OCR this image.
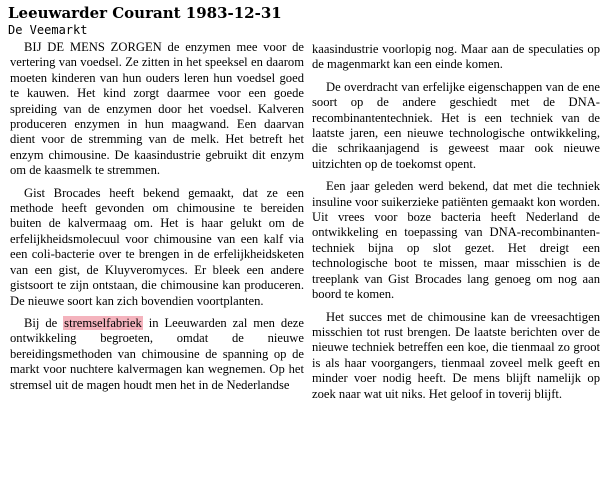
Leeuwarder Courant 1983-12-31
De Veemarkt

BIJ DE MENS ZORGEN de enzymen mee voor de vertering van voedsel. Ze zitten in het speeksel en daarom moeten kinderen van hun ouders leren hun voedsel goed te kauwen. Het kind zorgt daarmee voor een goede spreiding van de enzymen door het voedsel. Kalveren produceren enzymen in hun maagwand. Een daarvan dient voor de stremming van de melk. Het betreft het enzym chimousine. De kaasindustrie gebruikt dit enzym om de kaasmelk te stremmen.

Gist Brocades heeft bekend gemaakt, dat ze een methode heeft gevonden om chimousine te bereiden buiten de kalvermaag om. Het is haar gelukt om de erfelijkheidsmolecuul voor chimousine van een kalf via een coli-bacterie over te brengen in de erfelijkheidsketen van een gist, de Kluyveromyces. Er bleek een andere gistsoort te zijn ontstaan, die chimousine kan produceren. De nieuwe soort kan zich bovendien voortplanten.

Bij de stremselfabriek in Leeuwarden zal men deze ontwikkeling begroeten, omdat de nieuwe bereidingsmethoden van chimousine de spanning op de markt voor nuchtere kalvermagen kan wegnemen. Op het stremsel uit de magen houdt men het in de Nederlandse

kaasindustrie voorlopig nog. Maar aan de speculaties op de magenmarkt kan een einde komen.

De overdracht van erfelijke eigenschappen van de ene soort op de andere geschiedt met de DNA-recombinantentechniek. Het is een techniek van de laatste jaren, een nieuwe technologische ontwikkeling, die schrikaanjagend is geweest maar ook nieuwe uitzichten op de toekomst opent.

Een jaar geleden werd bekend, dat met die techniek insuline voor suikerzieke patiënten gemaakt kon worden. Uit vrees voor boze bacteria heeft Nederland de ontwikkeling en toepassing van DNA-recombinanten-techniek bijna op slot gezet. Het dreigt een technologische boot te missen, maar misschien is de treeplank van Gist Brocades lang genoeg om nog aan boord te komen.

Het succes met de chimousine kan de vreesachtigen misschien tot rust brengen. De laatste berichten over de nieuwe techniek betreffen een koe, die tienmaal zo groot is als haar voorgangers, tienmaal zoveel melk geeft en minder voer nodig heeft. De mens blijft namelijk op zoek naar wat uit niks. Het geloof in toverij blijft.
